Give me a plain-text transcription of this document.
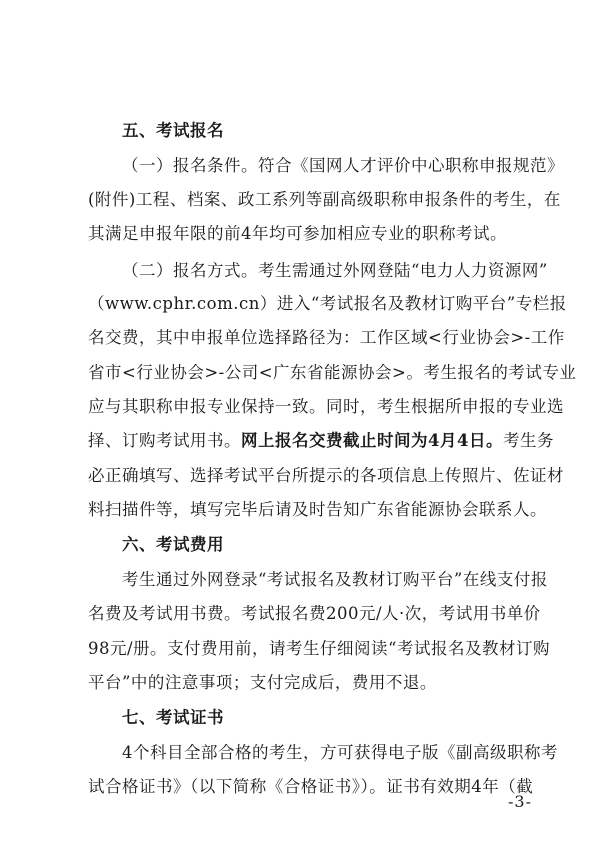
五、考试报名
（一）报名条件。符合《国网人才评价中心职称申报规范》
(附件)工程、档案、政工系列等副高级职称申报条件的考生，在
其满足申报年限的前4年均可参加相应专业的职称考试。
（二）报名方式。考生需通过外网登陆“电力人力资源网”
（www.cphr.com.cn）进入“考试报名及教材订购平台”专栏报
名交费，其中申报单位选择路径为：工作区域<行业协会>-工作
省市<行业协会>-公司<广东省能源协会>。考生报名的考试专业
应与其职称申报专业保持一致。同时，考生根据所申报的专业选
择、订购考试用书。网上报名交费截止时间为4月4日。考生务
必正确填写、选择考试平台所提示的各项信息上传照片、佐证材
料扫描件等，填写完毕后请及时告知广东省能源协会联系人。
六、考试费用
考生通过外网登录“考试报名及教材订购平台”在线支付报
名费及考试用书费。考试报名费200元/人·次，考试用书单价
98元/册。支付费用前，请考生仔细阅读“考试报名及教材订购
平台”中的注意事项；支付完成后，费用不退。
七、考试证书
4个科目全部合格的考生，方可获得电子版《副高级职称考
试合格证书》（以下简称《合格证书》）。证书有效期4年（截
-3-
